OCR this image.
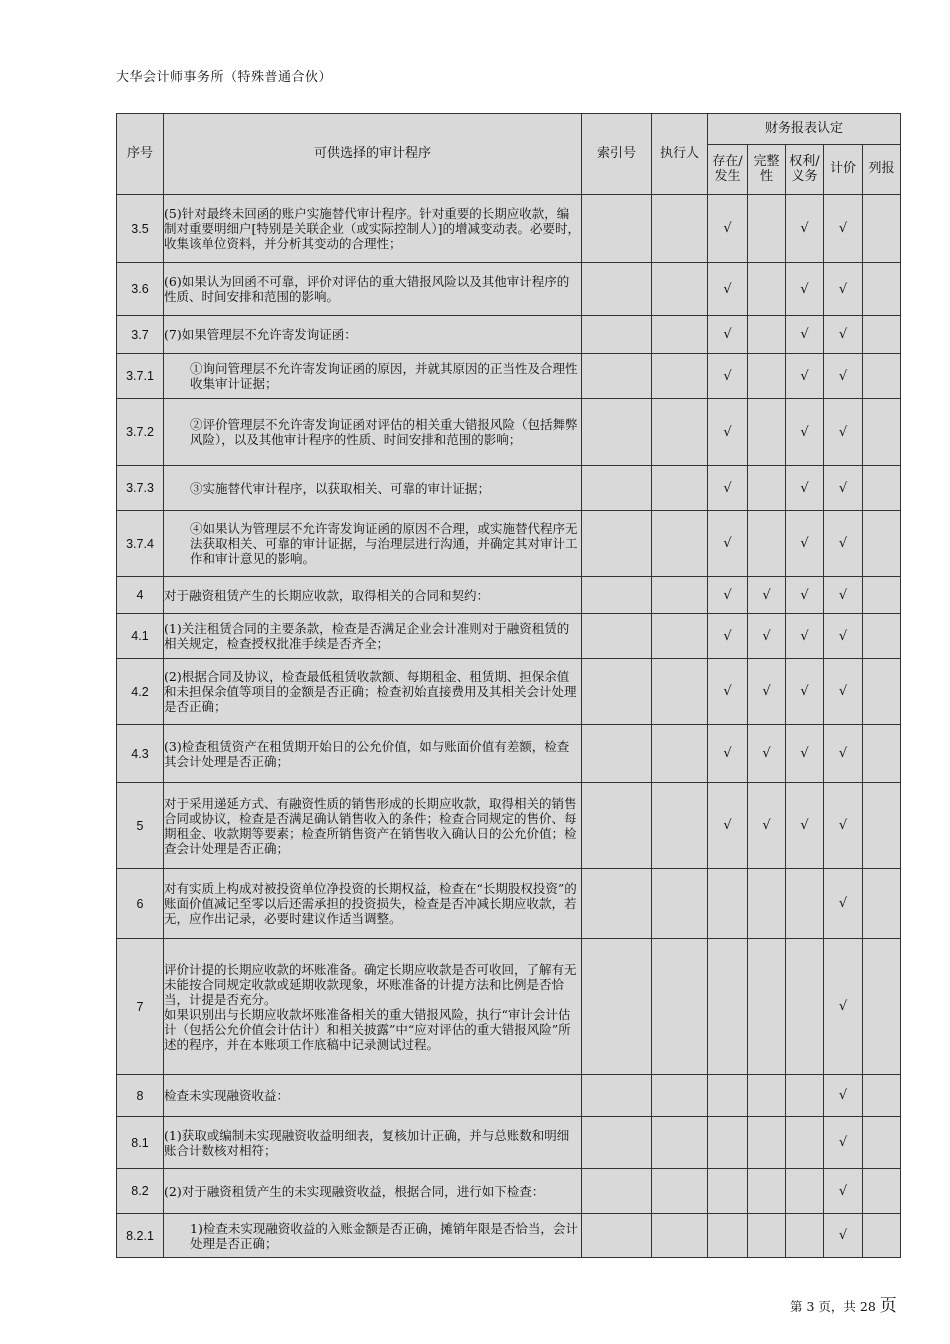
大华会计师事务所（特殊普通合伙）
序号	可供选择的审计程序	索引号	执行人	财务报表认定				
				存在/发生	完整性	权利/义务	计价	列报
3.5	(5)针对最终未回函的账户实施替代审计程序。针对重要的长期应收款，编制对重要明细户[特别是关联企业（或实际控制人）]的增减变动表。必要时，收集该单位资料，并分析其变动的合理性；			√		√	√	
3.6	(6)如果认为回函不可靠，评价对评估的重大错报风险以及其他审计程序的性质、时间安排和范围的影响。			√		√	√	
3.7	(7)如果管理层不允许寄发询证函：			√		√	√	
3.7.1	①询问管理层不允许寄发询证函的原因，并就其原因的正当性及合理性收集审计证据；			√		√	√	
3.7.2	②评价管理层不允许寄发询证函对评估的相关重大错报风险（包括舞弊风险），以及其他审计程序的性质、时间安排和范围的影响；			√		√	√	
3.7.3	③实施替代审计程序，以获取相关、可靠的审计证据；			√		√	√	
3.7.4	④如果认为管理层不允许寄发询证函的原因不合理，或实施替代程序无法获取相关、可靠的审计证据，与治理层进行沟通，并确定其对审计工作和审计意见的影响。			√		√	√	
4	对于融资租赁产生的长期应收款，取得相关的合同和契约：			√	√	√	√	
4.1	(1)关注租赁合同的主要条款，检查是否满足企业会计准则对于融资租赁的相关规定，检查授权批准手续是否齐全；			√	√	√	√	
4.2	(2)根据合同及协议，检查最低租赁收款额、每期租金、租赁期、担保余值和未担保余值等项目的金额是否正确；检查初始直接费用及其相关会计处理是否正确；			√	√	√	√	
4.3	(3)检查租赁资产在租赁期开始日的公允价值，如与账面价值有差额，检查其会计处理是否正确；			√	√	√	√	
5	对于采用递延方式、有融资性质的销售形成的长期应收款，取得相关的销售合同或协议，检查是否满足确认销售收入的条件；检查合同规定的售价、每期租金、收款期等要素；检查所销售资产在销售收入确认日的公允价值；检查会计处理是否正确；			√	√	√	√	
6	对有实质上构成对被投资单位净投资的长期权益，检查在“长期股权投资”的账面价值减记至零以后还需承担的投资损失，检查是否冲减长期应收款，若无，应作出记录，必要时建议作适当调整。						√	
7	评价计提的长期应收款的坏账准备。确定长期应收款是否可收回，了解有无未能按合同规定收款或延期收款现象，坏账准备的计提方法和比例是否恰当，计提是否充分。
如果识别出与长期应收款坏账准备相关的重大错报风险，执行“审计会计估计（包括公允价值会计估计）和相关披露”中“应对评估的重大错报风险”所述的程序，并在本账项工作底稿中记录测试过程。						√	
8	检查未实现融资收益：						√	
8.1	(1)获取或编制未实现融资收益明细表，复核加计正确，并与总账数和明细账合计数核对相符；						√	
8.2	(2)对于融资租赁产生的未实现融资收益，根据合同，进行如下检查：						√	
8.2.1	1)检查未实现融资收益的入账金额是否正确，摊销年限是否恰当，会计处理是否正确；						√	
第 3 页，共 28 页
